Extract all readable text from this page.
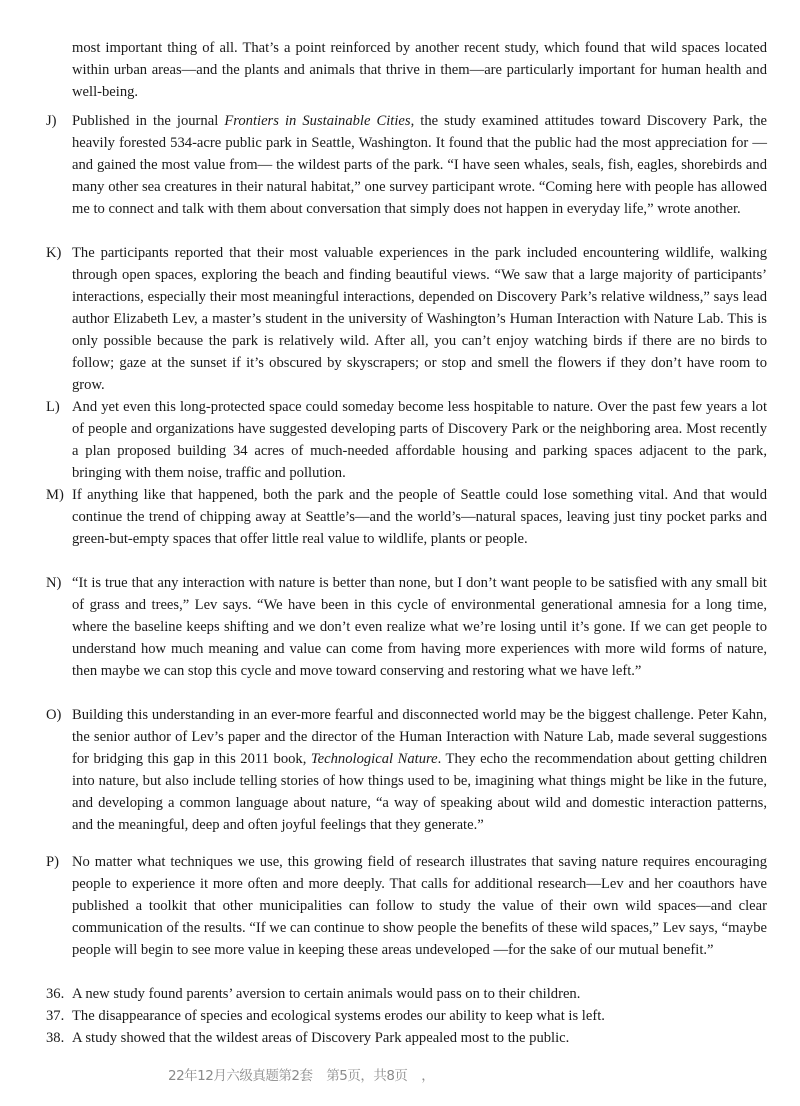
most important thing of all. That’s a point reinforced by another recent study, which found that wild spaces located within urban areas—and the plants and animals that thrive in them—are particularly important for human health and well-being.
J) Published in the journal Frontiers in Sustainable Cities, the study examined attitudes toward Discovery Park, the heavily forested 534-acre public park in Seattle, Washington. It found that the public had the most appreciation for —and gained the most value from— the wildest parts of the park. “I have seen whales, seals, fish, eagles, shorebirds and many other sea creatures in their natural habitat,” one survey participant wrote. “Coming here with people has allowed me to connect and talk with them about conversation that simply does not happen in everyday life,” wrote another.
K) The participants reported that their most valuable experiences in the park included encountering wildlife, walking through open spaces, exploring the beach and finding beautiful views. “We saw that a large majority of participants’ interactions, especially their most meaningful interactions, depended on Discovery Park’s relative wildness,” says lead author Elizabeth Lev, a master’s student in the university of Washington’s Human Interaction with Nature Lab. This is only possible because the park is relatively wild. After all, you can’t enjoy watching birds if there are no birds to follow; gaze at the sunset if it’s obscured by skyscrapers; or stop and smell the flowers if they don’t have room to grow.
L) And yet even this long-protected space could someday become less hospitable to nature. Over the past few years a lot of people and organizations have suggested developing parts of Discovery Park or the neighboring area. Most recently a plan proposed building 34 acres of much-needed affordable housing and parking spaces adjacent to the park, bringing with them noise, traffic and pollution.
M) If anything like that happened, both the park and the people of Seattle could lose something vital. And that would continue the trend of chipping away at Seattle’s—and the world’s—natural spaces, leaving just tiny pocket parks and green-but-empty spaces that offer little real value to wildlife, plants or people.
N) “It is true that any interaction with nature is better than none, but I don’t want people to be satisfied with any small bit of grass and trees,” Lev says. “We have been in this cycle of environmental generational amnesia for a long time, where the baseline keeps shifting and we don’t even realize what we’re losing until it’s gone. If we can get people to understand how much meaning and value can come from having more experiences with more wild forms of nature, then maybe we can stop this cycle and move toward conserving and restoring what we have left.”
O) Building this understanding in an ever-more fearful and disconnected world may be the biggest challenge. Peter Kahn, the senior author of Lev’s paper and the director of the Human Interaction with Nature Lab, made several suggestions for bridging this gap in this 2011 book, Technological Nature. They echo the recommendation about getting children into nature, but also include telling stories of how things used to be, imagining what things might be like in the future, and developing a common language about nature, “a way of speaking about wild and domestic interaction patterns, and the meaningful, deep and often joyful feelings that they generate.”
P) No matter what techniques we use, this growing field of research illustrates that saving nature requires encouraging people to experience it more often and more deeply. That calls for additional research—Lev and her coauthors have published a toolkit that other municipalities can follow to study the value of their own wild spaces—and clear communication of the results. “If we can continue to show people the benefits of these wild spaces,” Lev says, “maybe people will begin to see more value in keeping these areas undeveloped —for the sake of our mutual benefit.”
36. A new study found parents’ aversion to certain animals would pass on to their children.
37. The disappearance of species and ecological systems erodes our ability to keep what is left.
38. A study showed that the wildest areas of Discovery Park appealed most to the public.
22年12月六级真题第2套 第5页，共8页 ，
